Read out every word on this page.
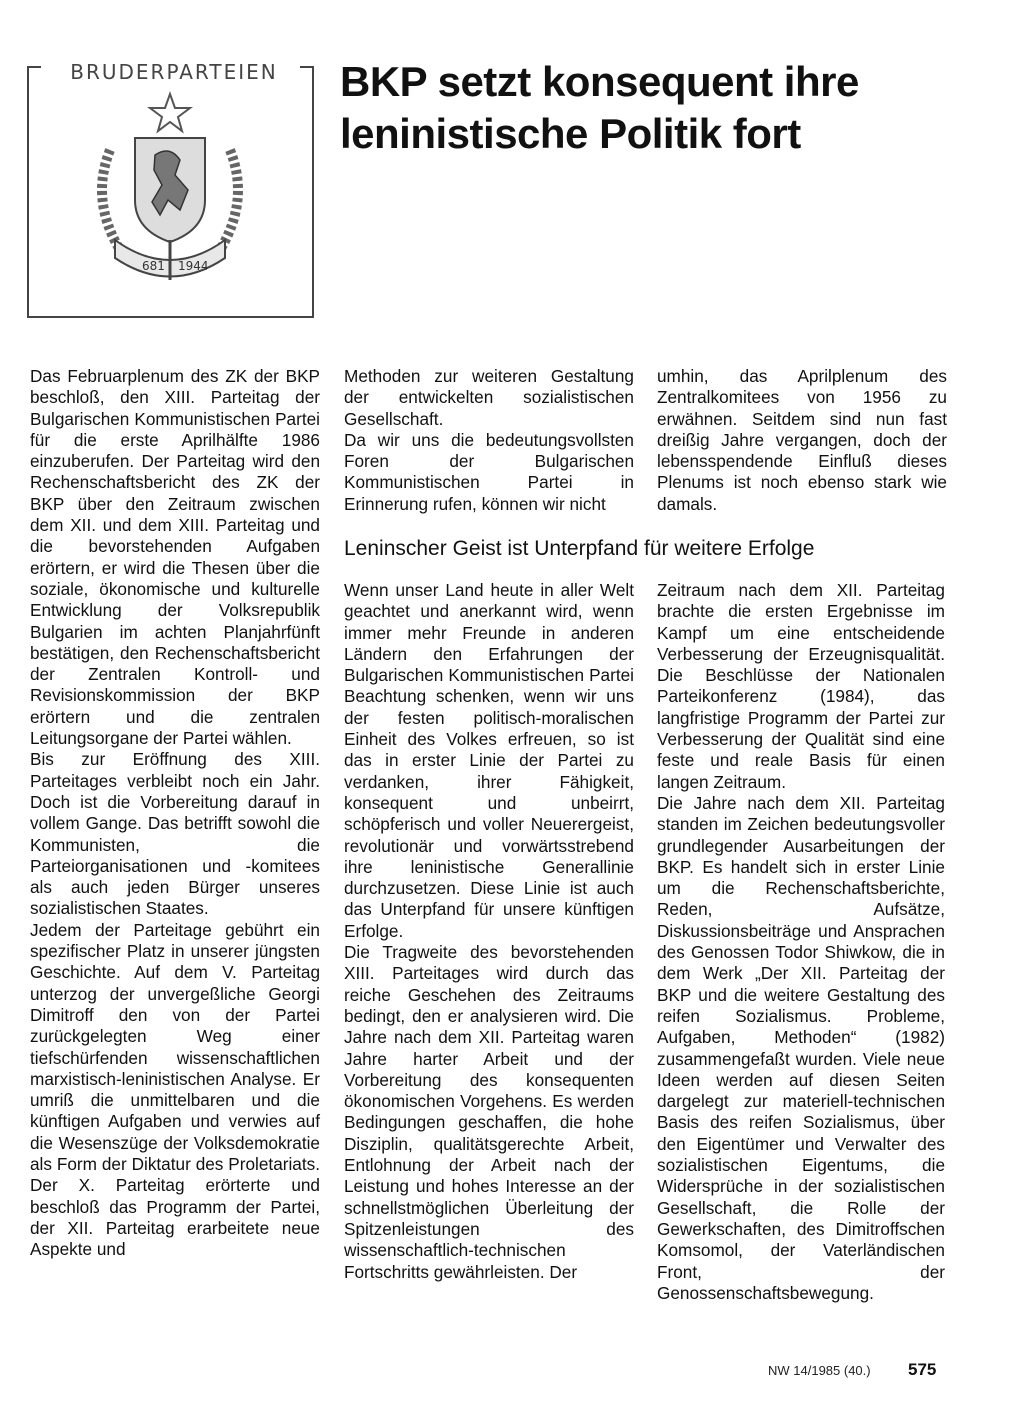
BRUDERPARTEIEN
681 1944
BKP setzt konsequent ihre leninistische Politik fort

Das Februarplenum des ZK der BKP beschloß, den XIII. Parteitag der Bulgarischen Kommunistischen Partei für die erste Aprilhälfte 1986 einzuberufen. Der Parteitag wird den Rechenschaftsbericht des ZK der BKP über den Zeitraum zwischen dem XII. und dem XIII. Parteitag und die bevorstehenden Aufgaben erörtern, er wird die Thesen über die soziale, ökonomische und kulturelle Entwicklung der Volksrepublik Bulgarien im achten Planjahrfünft bestätigen, den Rechenschaftsbericht der Zentralen Kontroll- und Revisionskommission der BKP erörtern und die zentralen Leitungsorgane der Partei wählen.

Bis zur Eröffnung des XIII. Parteitages verbleibt noch ein Jahr. Doch ist die Vorbereitung darauf in vollem Gange. Das betrifft sowohl die Kommunisten, die Parteiorganisationen und -komitees als auch jeden Bürger unseres sozialistischen Staates.

Jedem der Parteitage gebührt ein spezifischer Platz in unserer jüngsten Geschichte. Auf dem V. Parteitag unterzog der unvergeßliche Georgi Dimitroff den von der Partei zurückgelegten Weg einer tiefschürfenden wissenschaftlichen marxistisch-leninistischen Analyse. Er umriß die unmittelbaren und die künftigen Aufgaben und verwies auf die Wesenszüge der Volksdemokratie als Form der Diktatur des Proletariats. Der X. Parteitag erörterte und beschloß das Programm der Partei, der XII. Parteitag erarbeitete neue Aspekte und

Methoden zur weiteren Gestaltung der entwickelten sozialistischen Gesellschaft.

Da wir uns die bedeutungsvollsten Foren der Bulgarischen Kommunistischen Partei in Erinnerung rufen, können wir nicht

umhin, das Aprilplenum des Zentralkomitees von 1956 zu erwähnen. Seitdem sind nun fast dreißig Jahre vergangen, doch der lebensspendende Einfluß dieses Plenums ist noch ebenso stark wie damals.

Leninscher Geist ist Unterpfand für weitere Erfolge

Wenn unser Land heute in aller Welt geachtet und anerkannt wird, wenn immer mehr Freunde in anderen Ländern den Erfahrungen der Bulgarischen Kommunistischen Partei Beachtung schenken, wenn wir uns der festen politisch-moralischen Einheit des Volkes erfreuen, so ist das in erster Linie der Partei zu verdanken, ihrer Fähigkeit, konsequent und unbeirrt, schöpferisch und voller Neuerergeist, revolutionär und vorwärtsstrebend ihre leninistische Generallinie durchzusetzen. Diese Linie ist auch das Unterpfand für unsere künftigen Erfolge.

Die Tragweite des bevorstehenden XIII. Parteitages wird durch das reiche Geschehen des Zeitraums bedingt, den er analysieren wird. Die Jahre nach dem XII. Parteitag waren Jahre harter Arbeit und der Vorbereitung des konsequenten ökonomischen Vorgehens. Es werden Bedingungen geschaffen, die hohe Disziplin, qualitätsgerechte Arbeit, Entlohnung der Arbeit nach der Leistung und hohes Interesse an der schnellstmöglichen Überleitung der Spitzenleistungen des wissenschaftlich-technischen Fortschritts gewährleisten. Der

Zeitraum nach dem XII. Parteitag brachte die ersten Ergebnisse im Kampf um eine entscheidende Verbesserung der Erzeugnisqualität. Die Beschlüsse der Nationalen Parteikonferenz (1984), das langfristige Programm der Partei zur Verbesserung der Qualität sind eine feste und reale Basis für einen langen Zeitraum.

Die Jahre nach dem XII. Parteitag standen im Zeichen bedeutungsvoller grundlegender Ausarbeitungen der BKP. Es handelt sich in erster Linie um die Rechenschaftsberichte, Reden, Aufsätze, Diskussionsbeiträge und Ansprachen des Genossen Todor Shiwkow, die in dem Werk „Der XII. Parteitag der BKP und die weitere Gestaltung des reifen Sozialismus. Probleme, Aufgaben, Methoden“ (1982) zusammengefaßt wurden. Viele neue Ideen werden auf diesen Seiten dargelegt zur materiell-technischen Basis des reifen Sozialismus, über den Eigentümer und Verwalter des sozialistischen Eigentums, die Widersprüche in der sozialistischen Gesellschaft, die Rolle der Gewerkschaften, des Dimitroffschen Komsomol, der Vaterländischen Front, der Genossenschaftsbewegung.

NW 14/1985 (40.) 575
